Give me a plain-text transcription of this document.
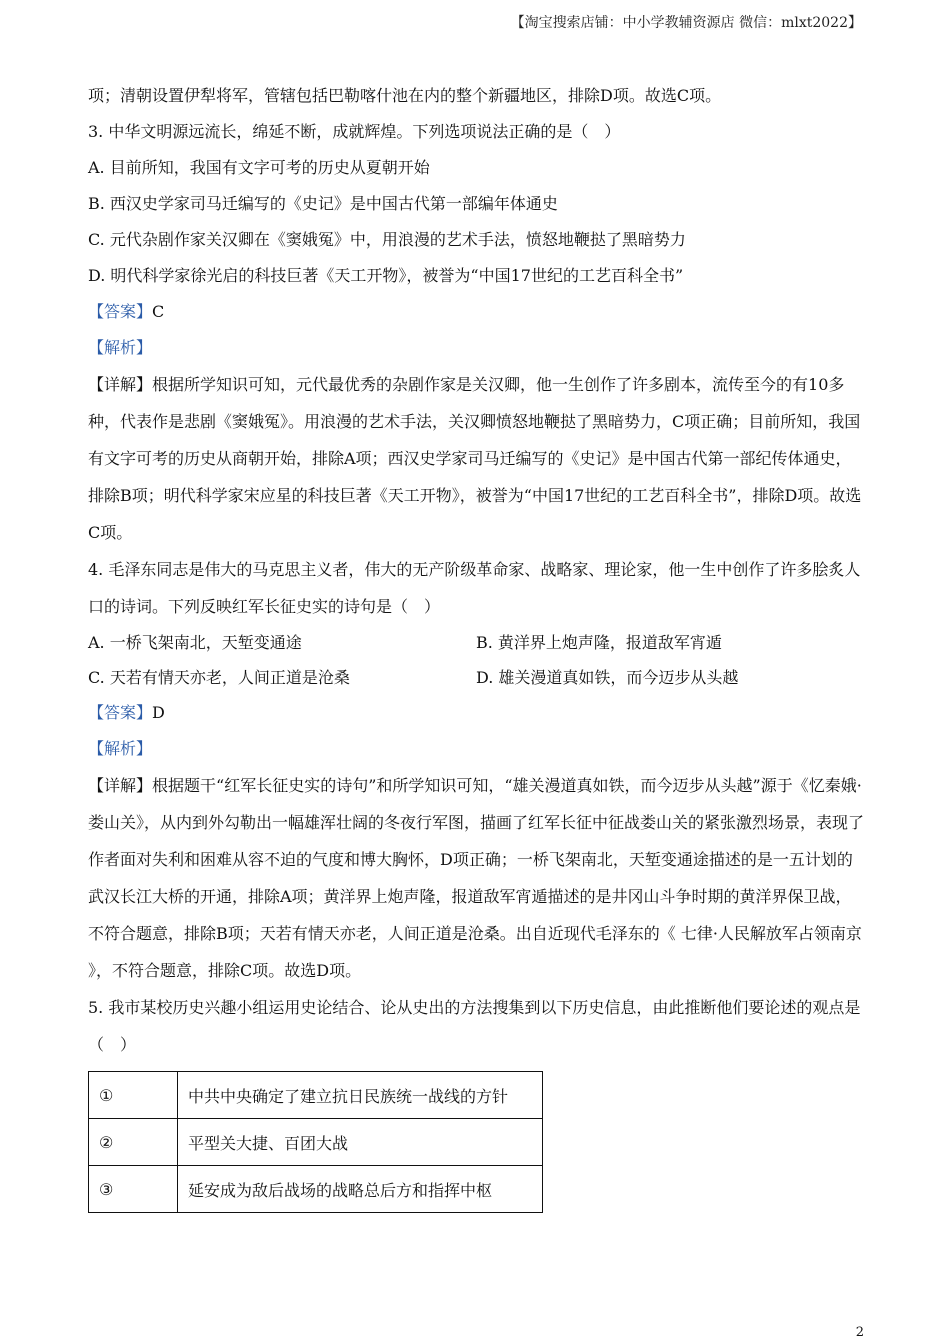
【淘宝搜索店铺：中小学教辅资源店 微信：mlxt2022】
项；清朝设置伊犁将军，管辖包括巴勒喀什池在内的整个新疆地区，排除D项。故选C项。
3. 中华文明源远流长，绵延不断，成就辉煌。下列选项说法正确的是（　）
A. 目前所知，我国有文字可考的历史从夏朝开始
B. 西汉史学家司马迁编写的《史记》是中国古代第一部编年体通史
C. 元代杂剧作家关汉卿在《窦娥冤》中，用浪漫的艺术手法，愤怒地鞭挞了黑暗势力
D. 明代科学家徐光启的科技巨著《天工开物》，被誉为“中国17世纪的工艺百科全书”
【答案】C
【解析】
【详解】根据所学知识可知，元代最优秀的杂剧作家是关汉卿，他一生创作了许多剧本，流传至今的有10多种，代表作是悲剧《窦娥冤》。用浪漫的艺术手法，关汉卿愤怒地鞭挞了黑暗势力，C项正确；目前所知，我国有文字可考的历史从商朝开始，排除A项；西汉史学家司马迁编写的《史记》是中国古代第一部纪传体通史，排除B项；明代科学家宋应星的科技巨著《天工开物》，被誉为“中国17世纪的工艺百科全书”，排除D项。故选C项。
4. 毛泽东同志是伟大的马克思主义者，伟大的无产阶级革命家、战略家、理论家，他一生中创作了许多脍炙人口的诗词。下列反映红军长征史实的诗句是（　）
A. 一桥飞架南北，天堑变通途	B. 黄洋界上炮声隆，报道敌军宵遁
C. 天若有情天亦老，人间正道是沧桑	D. 雄关漫道真如铁，而今迈步从头越
【答案】D
【解析】
【详解】根据题干“红军长征史实的诗句”和所学知识可知，“雄关漫道真如铁，而今迈步从头越”源于《忆秦娥·娄山关》，从内到外勾勒出一幅雄浑壮阔的冬夜行军图，描画了红军长征中征战娄山关的紧张激烈场景，表现了作者面对失利和困难从容不迫的气度和博大胸怀，D项正确；一桥飞架南北，天堑变通途描述的是一五计划的武汉长江大桥的开通，排除A项；黄洋界上炮声隆，报道敌军宵遁描述的是井冈山斗争时期的黄洋界保卫战，不符合题意，排除B项；天若有情天亦老，人间正道是沧桑。出自近现代毛泽东的《 七律·人民解放军占领南京 》，不符合题意，排除C项。故选D项。
5. 我市某校历史兴趣小组运用史论结合、论从史出的方法搜集到以下历史信息，由此推断他们要论述的观点是（　）
①	中共中央确定了建立抗日民族统一战线的方针
②	平型关大捷、百团大战
③	延安成为敌后战场的战略总后方和指挥中枢
2
